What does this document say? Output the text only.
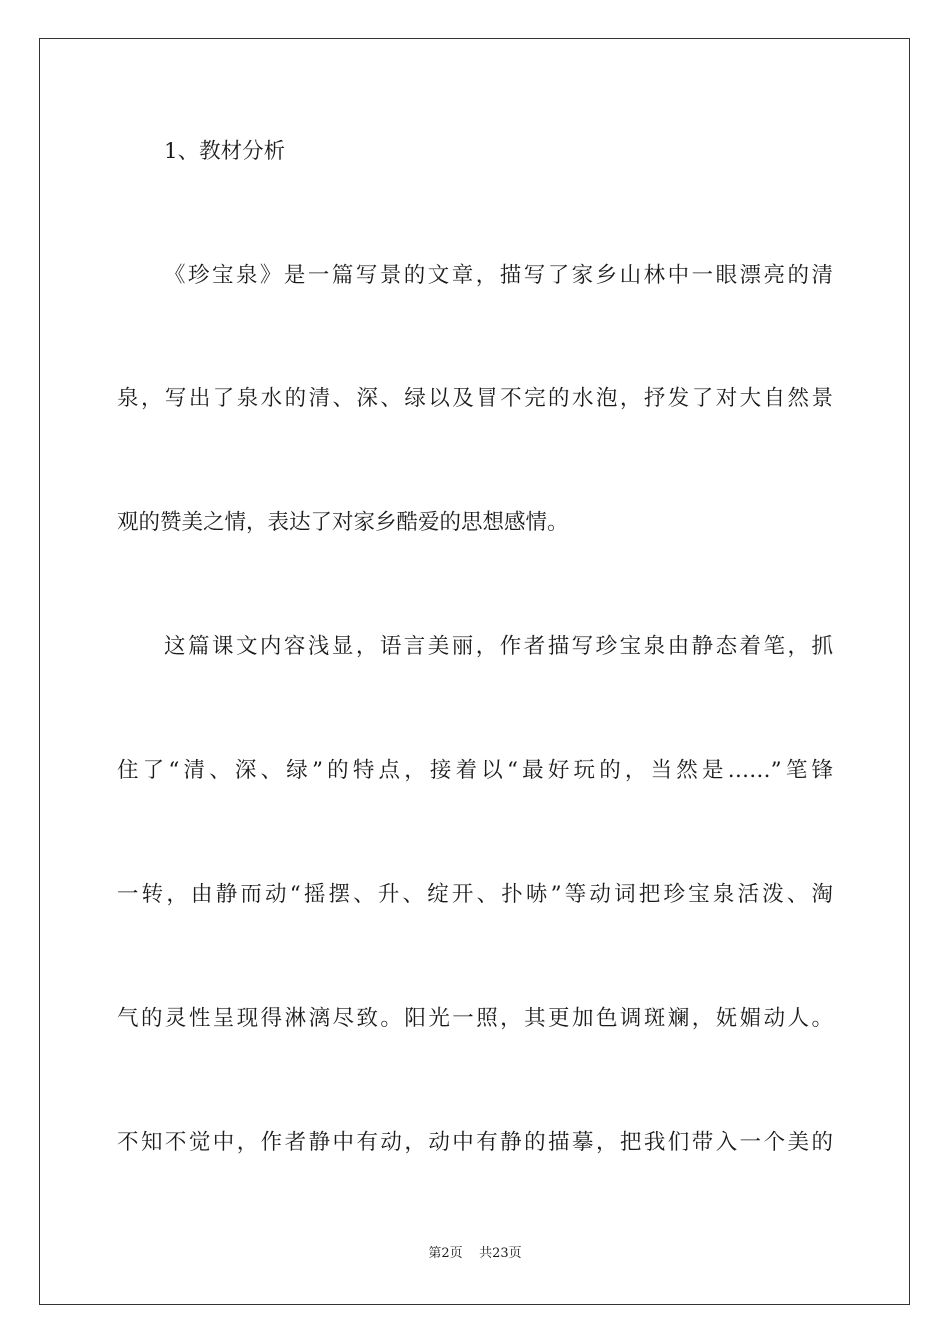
1、教材分析
《珍宝泉》是一篇写景的文章，描写了家乡山林中一眼漂亮的清
泉，写出了泉水的清、深、绿以及冒不完的水泡，抒发了对大自然景
观的赞美之情，表达了对家乡酷爱的思想感情。
这篇课文内容浅显，语言美丽，作者描写珍宝泉由静态着笔，抓
住了“清、深、绿”的特点，接着以“最好玩的，当然是……”笔锋
一转，由静而动“摇摆、升、绽开、扑哧”等动词把珍宝泉活泼、淘
气的灵性呈现得淋漓尽致。阳光一照，其更加色调斑斓，妩媚动人。
不知不觉中，作者静中有动，动中有静的描摹，把我们带入一个美的
第2页 共23页
